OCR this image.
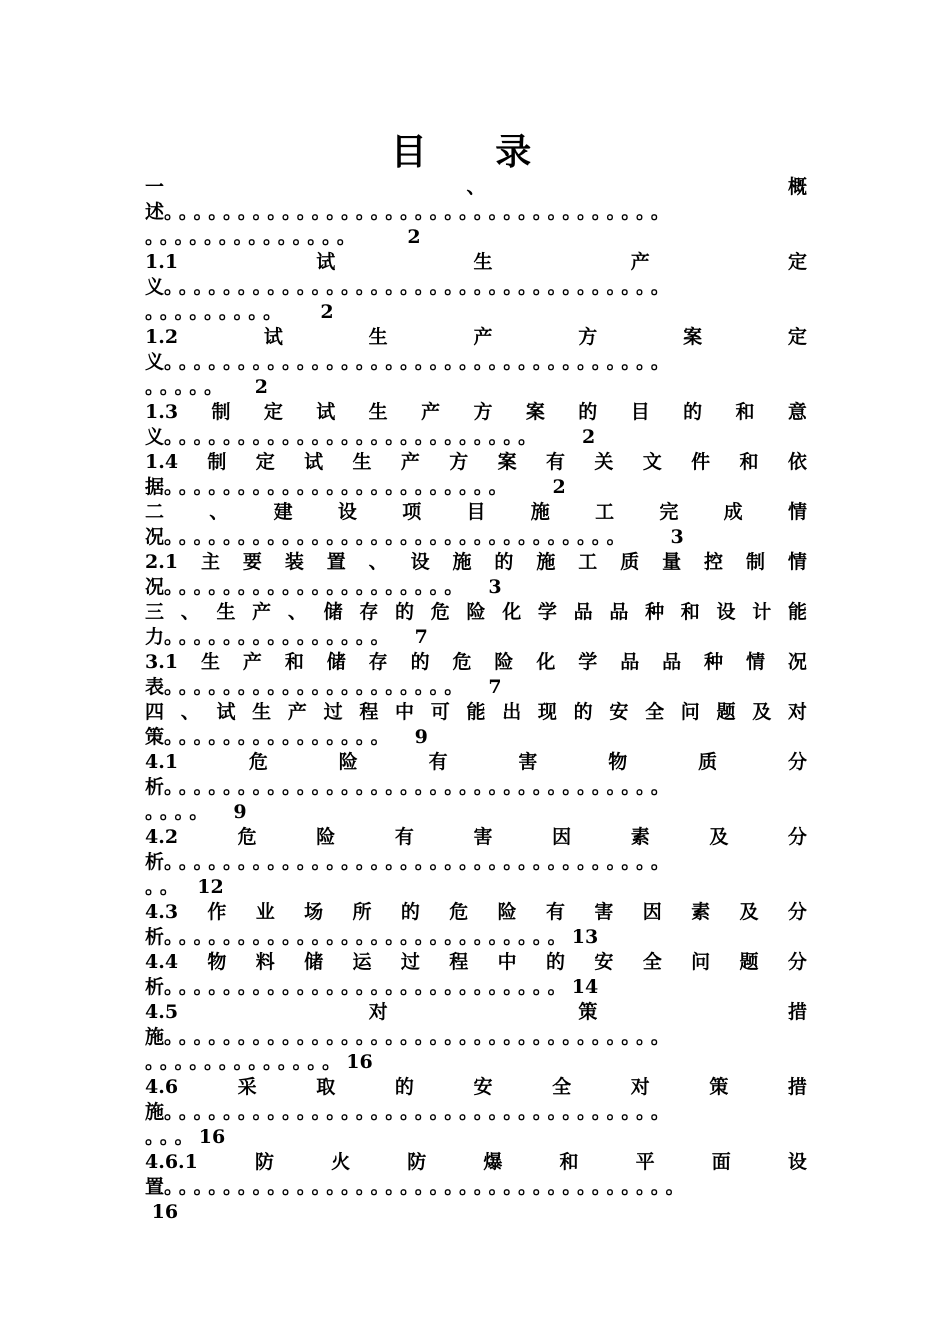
目 录
一	、	概
述。。。。。。。。。。。。。。。。。。。。。。。。。。。。。。。。。。
。。。。。。。。。。。。。。 2
1.1	试	生	产	定
义。。。。。。。。。。。。。。。。。。。。。。。。。。。。。。。。。。
。。。。。。。。。 2
1.2	试	生	产	方	案	定
义。。。。。。。。。。。。。。。。。。。。。。。。。。。。。。。。。。
。。。。。 2
1.3 制 定 试 生 产 方 案 的 目 的 和 意
义。。。。。。。。。。。。。。。。。。。。。。。。。 2
1.4 制 定 试 生 产 方 案 有 关 文 件 和 依
据。。。。。。。。。。。。。。。。。。。。。。。 2
二 、 建 设 项 目 施 工 完 成 情
况。。。。。。。。。。。。。。。。。。。。。。。。。。。。。。。 3
2.1 主 要 装 置 、 设 施 的 施 工 质 量 控 制 情
况。。。。。。。。。。。。。。。。。。。。 3
三 、 生 产 、 储 存 的 危 险 化 学 品 品 种 和 设 计 能
力。。。。。。。。。。。。。。。 7
3.1 生 产 和 储 存 的 危 险 化 学 品 品 种 情 况
表。。。。。。。。。。。。。。。。。。。。 7
四 、 试 生 产 过 程 中 可 能 出 现 的 安 全 问 题 及 对
策。。。。。。。。。。。。。。。 9
4.1	危	险	有	害	物	质	分
析。。。。。。。。。。。。。。。。。。。。。。。。。。。。。。。。。。
。。。。 9
4.2	危	险	有	害	因	素	及	分
析。。。。。。。。。。。。。。。。。。。。。。。。。。。。。。。。。。
。。 12
4.3 作 业 场 所 的 危 险 有 害 因 素 及 分
析。。。。。。。。。。。。。。。。。。。。。。。。。。。13
4.4 物 料 储 运 过 程 中 的 安 全 问 题 分
析。。。。。。。。。。。。。。。。。。。。。。。。。。。14
4.5	对	策	措
施。。。。。。。。。。。。。。。。。。。。。。。。。。。。。。。。。。
。。。。。。。。。。。。。16
4.6	采	取	的	安	全	对	策	措
施。。。。。。。。。。。。。。。。。。。。。。。。。。。。。。。。。。
。。。16
4.6.1	防	火	防	爆	和	平	面	设
置。。。。。。。。。。。。。。。。。。。。。。。。。。。。。。。。。。。
16
